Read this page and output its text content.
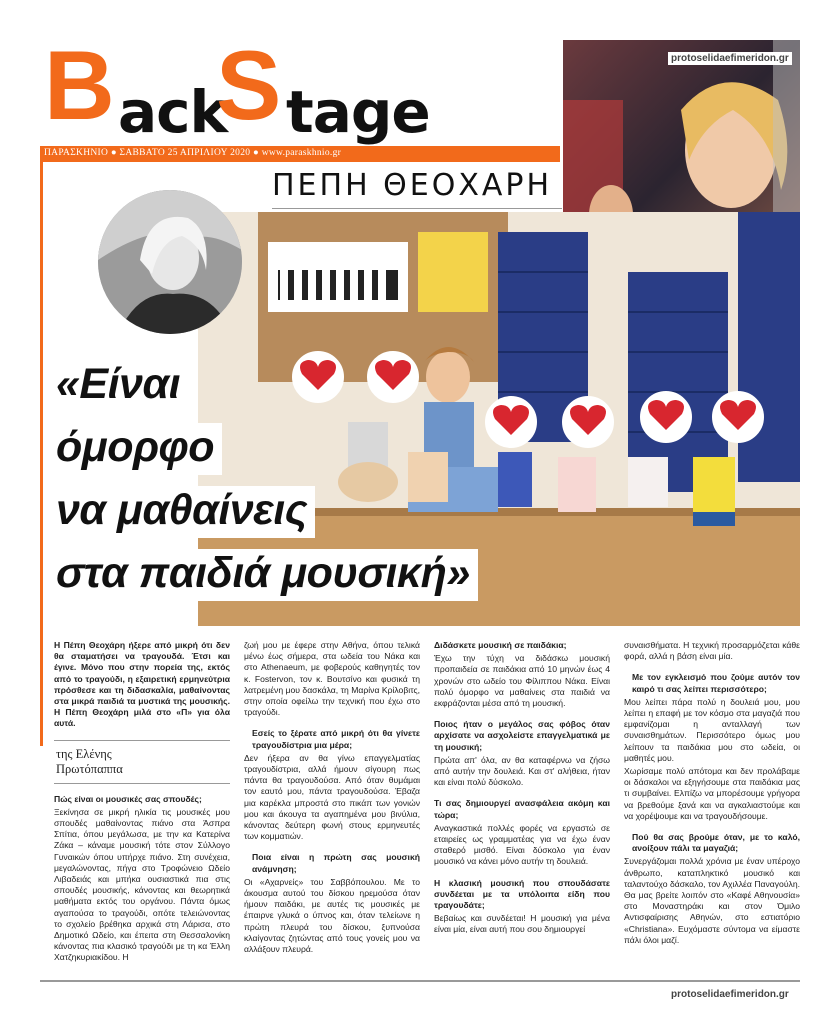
B ack
S tage
ΠΑΡΑΣΚΗΝΙΟ ● ΣΑΒΒΑΤΟ 25 ΑΠΡΙΛΙΟΥ 2020 ● www.paraskhnio.gr
ΠΕΠΗ ΘΕΟΧΑΡΗ
«Είναι
όμορφο
να μαθαίνεις
στα παιδιά μουσική»
protoselidaefimeridon.gr

Η Πέπη Θεοχάρη ήξερε από μικρή ότι δεν θα σταματήσει να τραγουδά. Έτσι και έγινε. Μόνο που στην πορεία της, εκτός από το τραγούδι, η εξαιρετική ερμηνεύτρια πρόσθεσε και τη διδασκαλία, μαθαίνοντας στα μικρά παιδιά τα μυστικά της μουσικής. Η Πέπη Θεοχάρη μιλά στο «Π» για όλα αυτά.

της Ελένης
Πρωτόπαππα

Πώς είναι οι μουσικές σας σπουδές;

Ξεκίνησα σε μικρή ηλικία τις μουσικές μου σπουδές μαθαίνοντας πιάνο στα Άσπρα Σπίτια, όπου μεγάλωσα, με την κα Κατερίνα Ζάκα – κάναμε μουσική τότε στον Σύλλογο Γυναικών όπου υπήρχε πιάνο. Στη συνέχεια, μεγαλώνοντας, πήγα στο Τροφώνειο Ωδείο Λιβαδειάς και μπήκα ουσιαστικά πια στις σπουδές μουσικής, κάνοντας και θεωρητικά μαθήματα εκτός του οργάνου. Πάντα όμως αγαπούσα το τραγούδι, οπότε τελειώνοντας το σχολείο βρέθηκα αρχικά στη Λάρισα, στο Δημοτικό Ωδείο, και έπειτα στη Θεσσαλονίκη κάνοντας πια κλασικό τραγούδι με τη κα Έλλη Χατζηκυριακίδου. Η

ζωή μου με έφερε στην Αθήνα, όπου τελικά μένω έως σήμερα, στα ωδεία του Νάκα και στο Athenaeum, με φοβερούς καθηγητές τον κ. Fostervon, τον κ. Βουτσίνο και φυσικά τη λατρεμένη μου δασκάλα, τη Μαρίνα Κρίλοβιτς, στην οποία οφείλω την τεχνική που έχω στο τραγούδι.

Εσείς το ξέρατε από μικρή ότι θα γίνετε τραγουδίστρια μια μέρα;

Δεν ήξερα αν θα γίνω επαγγελματίας τραγουδίστρια, αλλά ήμουν σίγουρη πως πάντα θα τραγουδούσα. Από όταν θυμάμαι τον εαυτό μου, πάντα τραγουδούσα. Έβαζα μια καρέκλα μπροστά στο πικάπ των γονιών μου και άκουγα τα αγαπημένα μου βινύλια, κάνοντας δεύτερη φωνή στους ερμηνευτές των κομματιών.

Ποια είναι η πρώτη σας μουσική ανάμνηση;

Οι «Αχαρνείς» του Σαββόπουλου. Με το άκουσμα αυτού του δίσκου ηρεμούσα όταν ήμουν παιδάκι, με αυτές τις μουσικές με έπαιρνε γλυκά ο ύπνος και, όταν τελείωνε η πρώτη πλευρά του δίσκου, ξυπνούσα κλαίγοντας ζητώντας από τους γονείς μου να αλλάξουν πλευρά.

Διδάσκετε μουσική σε παιδάκια;

Έχω την τύχη να διδάσκω μουσική προπαιδεία σε παιδάκια από 10 μηνών έως 4 χρονών στο ωδείο του Φίλιππου Νάκα. Είναι πολύ όμορφο να μαθαίνεις στα παιδιά να εκφράζονται μέσα από τη μουσική.

Ποιος ήταν ο μεγάλος σας φόβος όταν αρχίσατε να ασχολείστε επαγγελματικά με τη μουσική;

Πρώτα απ' όλα, αν θα καταφέρνω να ζήσω από αυτήν την δουλειά. Και στ' αλήθεια, ήταν και είναι πολύ δύσκολο.

Τι σας δημιουργεί ανασφάλεια ακόμη και τώρα;

Αναγκαστικά πολλές φορές να εργαστώ σε εταιρείες ως γραμματέας για να έχω έναν σταθερό μισθό. Είναι δύσκολο για έναν μουσικό να κάνει μόνο αυτήν τη δουλειά.

Η κλασική μουσική που σπουδάσατε συνδέεται με τα υπόλοιπα είδη που τραγουδάτε;

Βεβαίως και συνδέεται! Η μουσική για μένα είναι μία, είναι αυτή που σου δημιουργεί

συναισθήματα. Η τεχνική προσαρμόζεται κάθε φορά, αλλά η βάση είναι μία.

Με τον εγκλεισμό που ζούμε αυτόν τον καιρό τι σας λείπει περισσότερο;

Μου λείπει πάρα πολύ η δουλειά μου, μου λείπει η επαφή με τον κόσμο στα μαγαζιά που εμφανίζομαι η ανταλλαγή των συναισθημάτων. Περισσότερο όμως μου λείπουν τα παιδάκια μου στο ωδεία, οι μαθητές μου.

Χωρίσαμε πολύ απότομα και δεν προλάβαμε οι δάσκαλοι να εξηγήσουμε στα παιδάκια μας τι συμβαίνει. Ελπίζω να μπορέσουμε γρήγορα να βρεθούμε ξανά και να αγκαλιαστούμε και να χορέψουμε και να τραγουδήσουμε.

Πού θα σας βρούμε όταν, με το καλό, ανοίξουν πάλι τα μαγαζιά;

Συνεργάζομαι πολλά χρόνια με έναν υπέροχο άνθρωπο, καταπληκτικό μουσικό και ταλαντούχο δάσκαλο, τον Αχιλλέα Παναγούλη. Θα μας βρείτε λοιπόν στο «Καφέ Αθηνουσία» στο Μοναστηράκι και στον Όμιλο Αντισφαίρισης Αθηνών, στο εστιατόριο «Christiana». Ευχόμαστε σύντομα να είμαστε πάλι όλοι μαζί.

protoselidaefimeridon.gr
